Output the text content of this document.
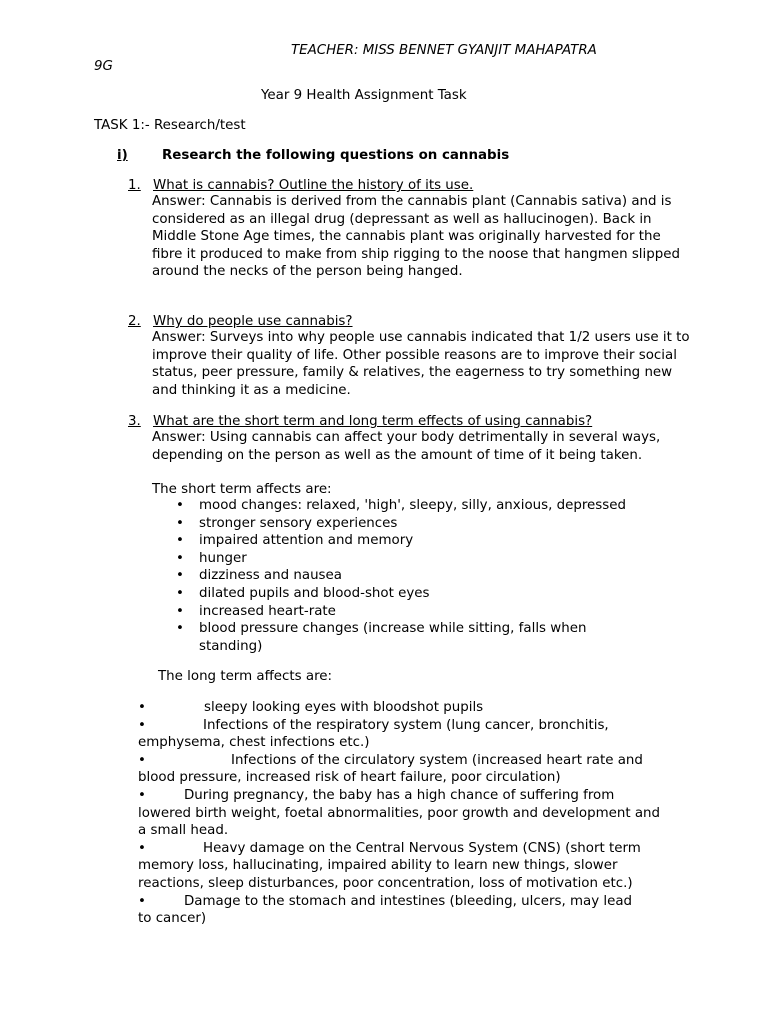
TEACHER: MISS BENNET GYANJIT MAHAPATRA
9G
Year 9 Health Assignment Task
TASK 1:- Research/test
i)	Research the following questions on cannabis
1. What is cannabis? Outline the history of its use.
Answer: Cannabis is derived from the cannabis plant (Cannabis sativa) and is considered as an illegal drug (depressant as well as hallucinogen). Back in Middle Stone Age times, the cannabis plant was originally harvested for the fibre it produced to make from ship rigging to the noose that hangmen slipped around the necks of the person being hanged.
2. Why do people use cannabis?
Answer: Surveys into why people use cannabis indicated that 1/2 users use it to improve their quality of life. Other possible reasons are to improve their social status, peer pressure, family & relatives, the eagerness to try something new and thinking it as a medicine.
3. What are the short term and long term effects of using cannabis?
Answer: Using cannabis can affect your body detrimentally in several ways, depending on the person as well as the amount of time of it being taken.
The short term affects are:
• mood changes: relaxed, 'high', sleepy, silly, anxious, depressed
• stronger sensory experiences
• impaired attention and memory
• hunger
• dizziness and nausea
• dilated pupils and blood-shot eyes
• increased heart-rate
• blood pressure changes (increase while sitting, falls when standing)
The long term affects are:
•	sleepy looking eyes with bloodshot pupils
•	Infections of the respiratory system (lung cancer, bronchitis,
emphysema, chest infections etc.)
•	Infections of the circulatory system (increased heart rate and
blood pressure, increased risk of heart failure, poor circulation)
•	During pregnancy, the baby has a high chance of suffering from
lowered birth weight, foetal abnormalities, poor growth and development and a small head.
•	Heavy damage on the Central Nervous System (CNS) (short term
memory loss, hallucinating, impaired ability to learn new things, slower reactions, sleep disturbances, poor concentration, loss of motivation etc.)
•	Damage to the stomach and intestines (bleeding, ulcers, may lead
to cancer)
